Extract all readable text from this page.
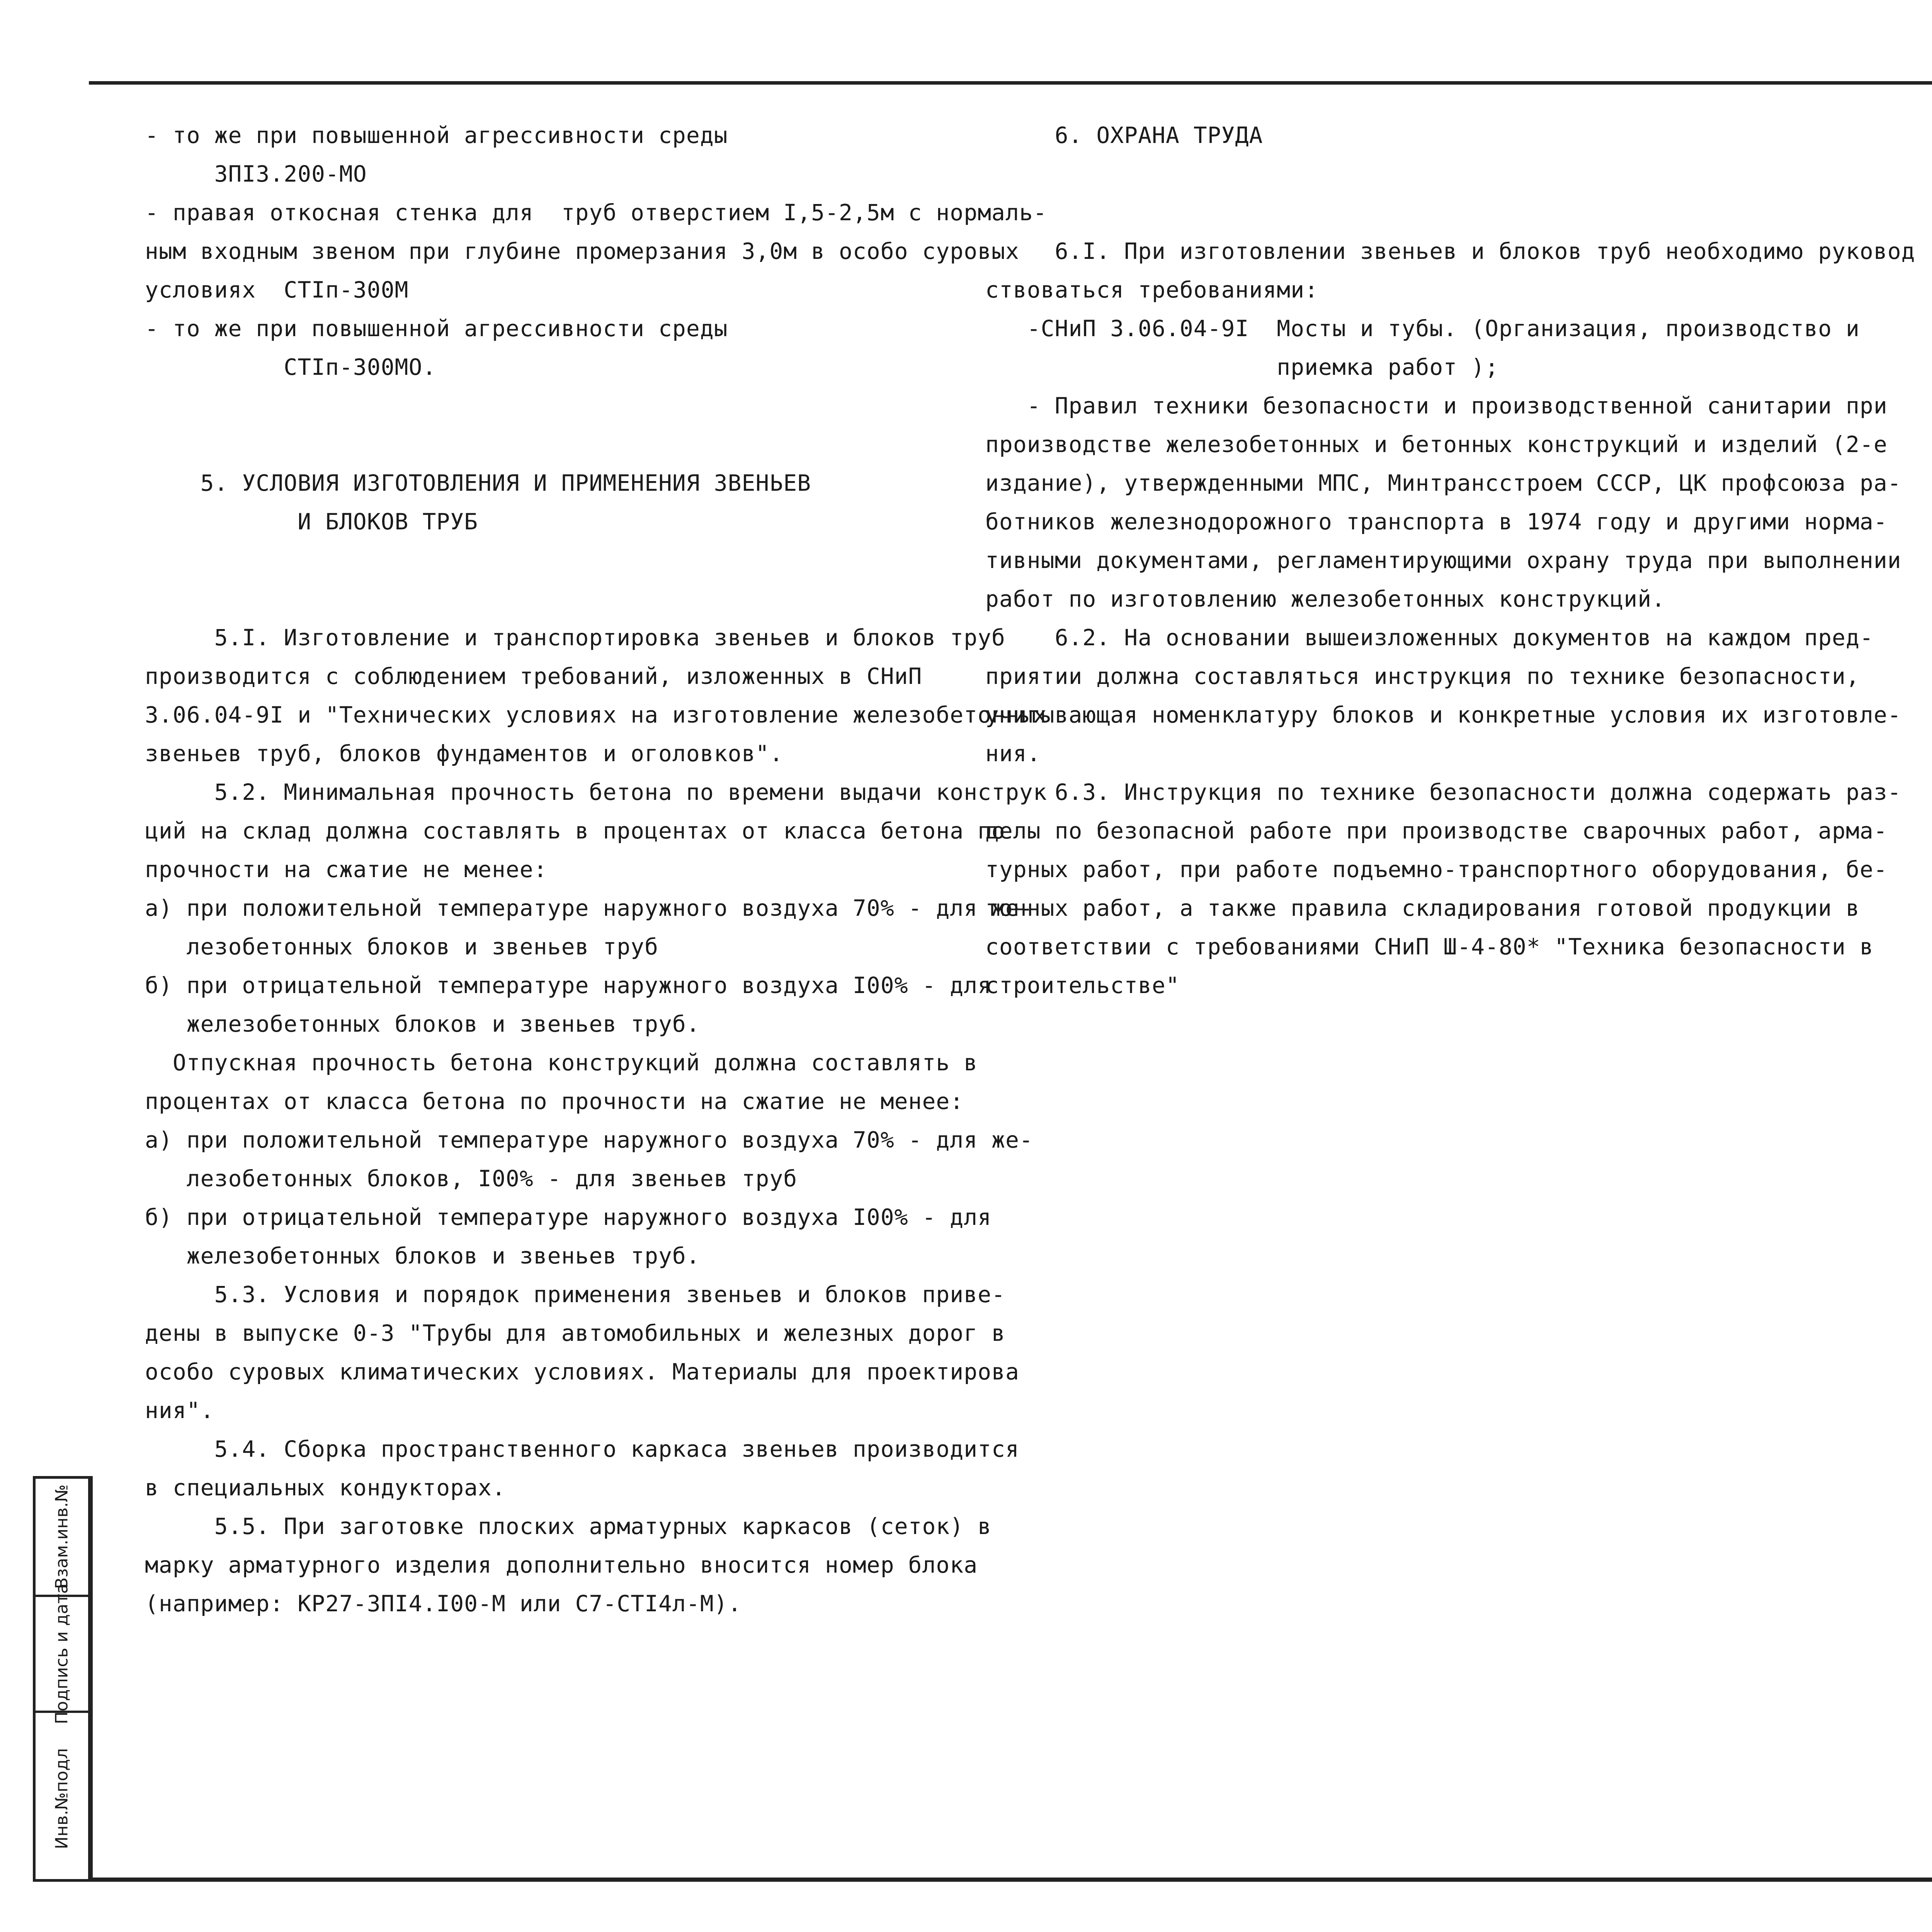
- то же при повышенной агрессивности среды
3ПI3.200-МО
- правая откосная стенка для  труб отверстием I,5-2,5м с нормаль-
ным входным звеном при глубине промерзания 3,0м в особо суровых
условиях  СТIп-300М
- то же при повышенной агрессивности среды
СТIп-300МО.

5. УСЛОВИЯ ИЗГОТОВЛЕНИЯ И ПРИМЕНЕНИЯ ЗВЕНЬЕВ
И БЛОКОВ ТРУБ

5.I. Изготовление и транспортировка звеньев и блоков труб
производится с соблюдением требований, изложенных в СНиП
3.06.04-9I и "Технических условиях на изготовление железобетонных
звеньев труб, блоков фундаментов и оголовков".
5.2. Минимальная прочность бетона по времени выдачи конструк
ций на склад должна составлять в процентах от класса бетона по
прочности на сжатие не менее:
а) при положительной температуре наружного воздуха 70% - для же-
лезобетонных блоков и звеньев труб
б) при отрицательной температуре наружного воздуха I00% - для
железобетонных блоков и звеньев труб.
Отпускная прочность бетона конструкций должна составлять в
процентах от класса бетона по прочности на сжатие не менее:
а) при положительной температуре наружного воздуха 70% - для же-
лезобетонных блоков, I00% - для звеньев труб
б) при отрицательной температуре наружного воздуха I00% - для
железобетонных блоков и звеньев труб.
5.3. Условия и порядок применения звеньев и блоков приве-
дены в выпуске 0-3 "Трубы для автомобильных и железных дорог в
особо суровых климатических условиях. Материалы для проектирова
ния".
5.4. Сборка пространственного каркаса звеньев производится
в специальных кондукторах.
5.5. При заготовке плоских арматурных каркасов (сеток) в
марку арматурного изделия дополнительно вносится номер блока
(например: КР27-3ПI4.I00-М или С7-СТI4л-М).
6. ОХРАНА ТРУДА

6.I. При изготовлении звеньев и блоков труб необходимо руковод
ствоваться требованиями:
-СНиП 3.06.04-9I  Мосты и тубы. (Организация, производство и
приемка работ );
- Правил техники безопасности и производственной санитарии при
производстве железобетонных и бетонных конструкций и изделий (2-е
издание), утвержденными МПС, Минтрансстроем СССР, ЦК профсоюза ра-
ботников железнодорожного транспорта в 1974 году и другими норма-
тивными документами, регламентирующими охрану труда при выполнении
работ по изготовлению железобетонных конструкций.
6.2. На основании вышеизложенных документов на каждом пред-
приятии должна составляться инструкция по технике безопасности,
учитывающая номенклатуру блоков и конкретные условия их изготовле-
ния.
6.3. Инструкция по технике безопасности должна содержать раз-
делы по безопасной работе при производстве сварочных работ, арма-
турных работ, при работе подъемно-транспортного оборудования, бе-
тонных работ, а также правила складирования готовой продукции в
соответствии с требованиями СНиП Ш-4-80* "Техника безопасности в
строительстве"
Инв.№подл
Подпись и дата
Взам.инв.№
